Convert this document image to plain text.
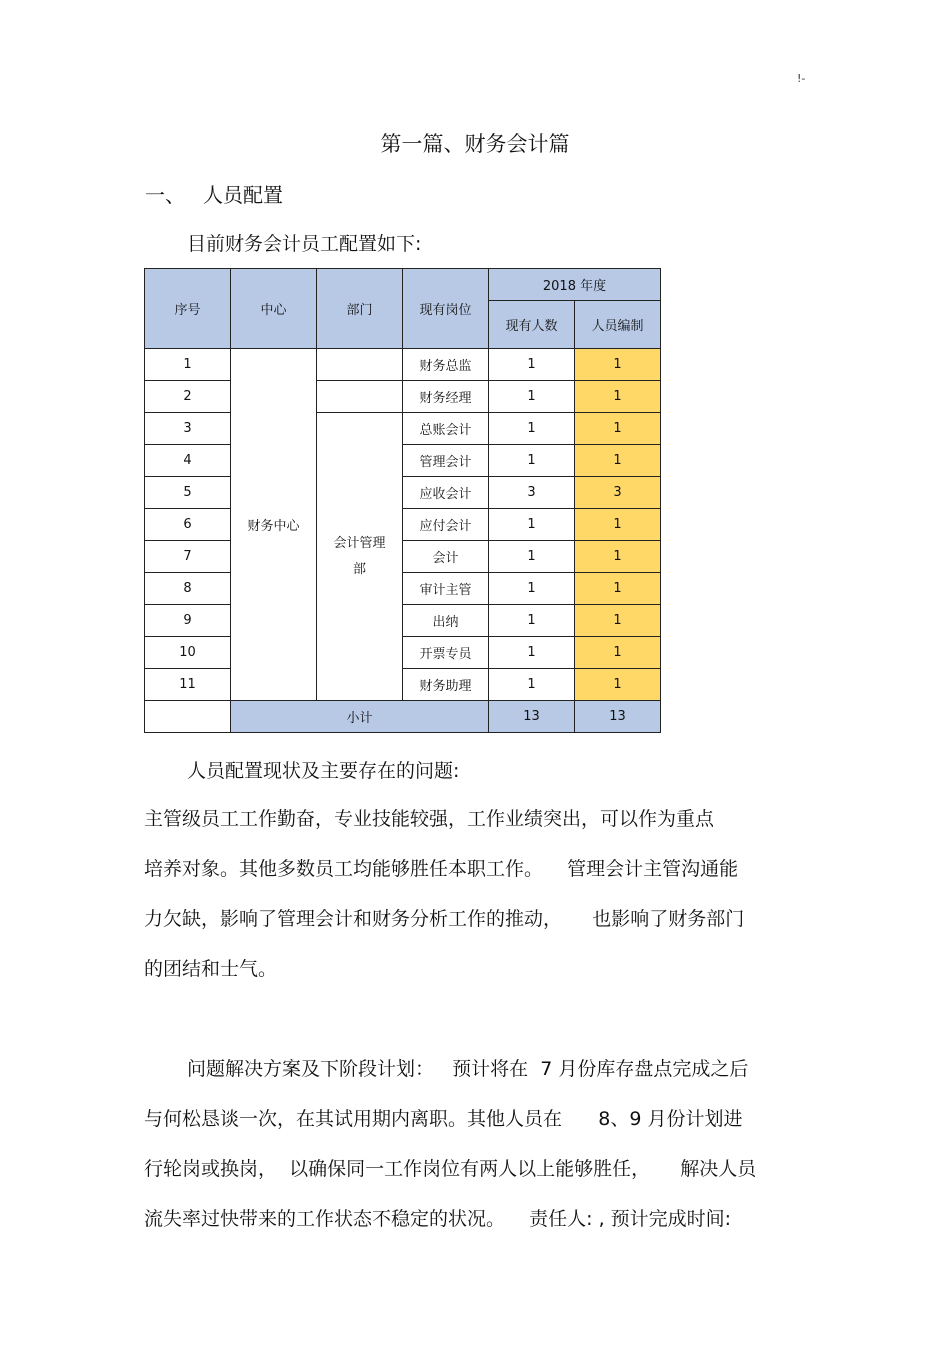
!-
第一篇、财务会计篇
一、 人员配置
目前财务会计员工配置如下:
序号	中心	部门	现有岗位	2018 年度	
				现有人数	人员编制
1	财务中心		财务总监	1	1
2			财务经理	1	1
3		会计管理部	总账会计	1	1
4			管理会计	1	1
5			应收会计	3	3
6			应付会计	1	1
7			会计	1	1
8			审计主管	1	1
9			出纳	1	1
10			开票专员	1	1
11			财务助理	1	1
	小计			13	13
人员配置现状及主要存在的问题:
主管级员工工作勤奋，专业技能较强，工作业绩突出，可以作为重点
培养对象。其他多数员工均能够胜任本职工作。    管理会计主管沟通能
力欠缺，影响了管理会计和财务分析工作的推动，     也影响了财务部门
的团结和士气。
问题解决方案及下阶段计划：   预计将在  7 月份库存盘点完成之后
与何松恳谈一次，在其试用期内离职。其他人员在      8、9 月份计划进
行轮岗或换岗，  以确保同一工作岗位有两人以上能够胜任，     解决人员
流失率过快带来的工作状态不稳定的状况。    责任人: , 预计完成时间:
